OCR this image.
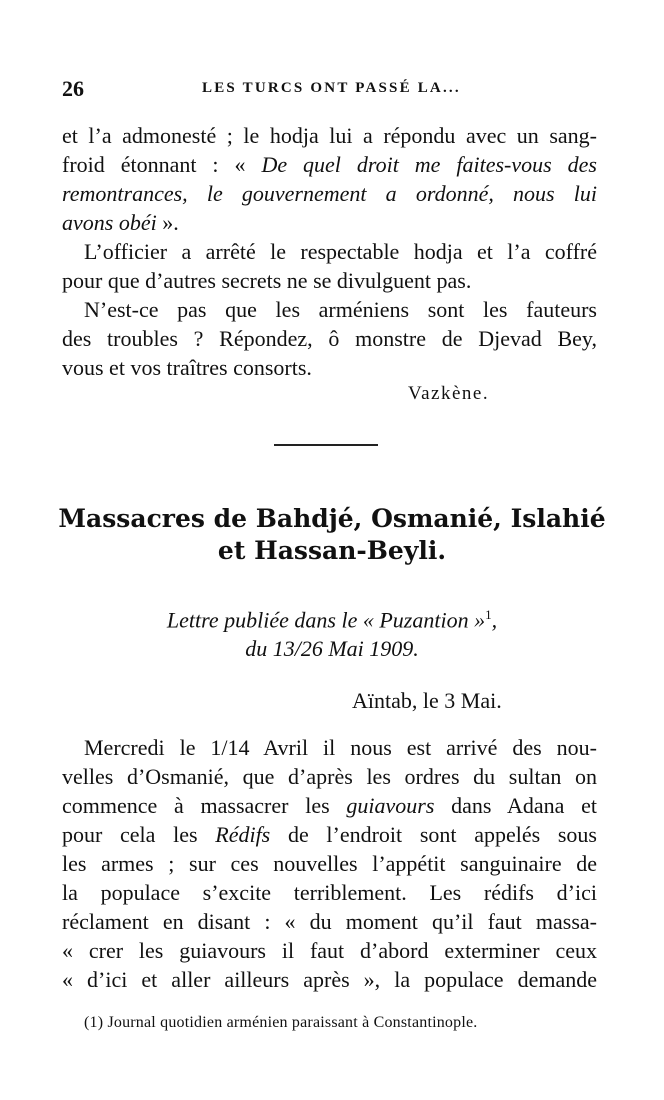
26	LES TURCS ONT PASSÉ LA...
et l’a admonesté ; le hodja lui a répondu avec un sang-
froid étonnant : « De quel droit me faites-vous des
remontrances, le gouvernement a ordonné, nous lui
avons obéi ».
L’officier a arrêté le respectable hodja et l’a coffré
pour que d’autres secrets ne se divulguent pas.
N’est-ce pas que les arméniens sont les fauteurs
des troubles ? Répondez, ô monstre de Djevad Bey,
vous et vos traîtres consorts.
Vazkène.
Massacres de Bahdjé, Osmanié, Islahié
et Hassan-Beyli.
Lettre publiée dans le « Puzantion »$^1$,
du 13/26 Mai 1909.
Aïntab, le 3 Mai.
Mercredi le 1/14 Avril il nous est arrivé des nou-
velles d’Osmanié, que d’après les ordres du sultan on
commence à massacrer les guiavours dans Adana et
pour cela les Rédifs de l’endroit sont appelés sous
les armes ; sur ces nouvelles l’appétit sanguinaire de
la populace s’excite terriblement. Les rédifs d’ici
réclament en disant : « du moment qu’il faut massa-
« crer les guiavours il faut d’abord exterminer ceux
« d’ici et aller ailleurs après », la populace demande
(1) Journal quotidien arménien paraissant à Constantinople.
